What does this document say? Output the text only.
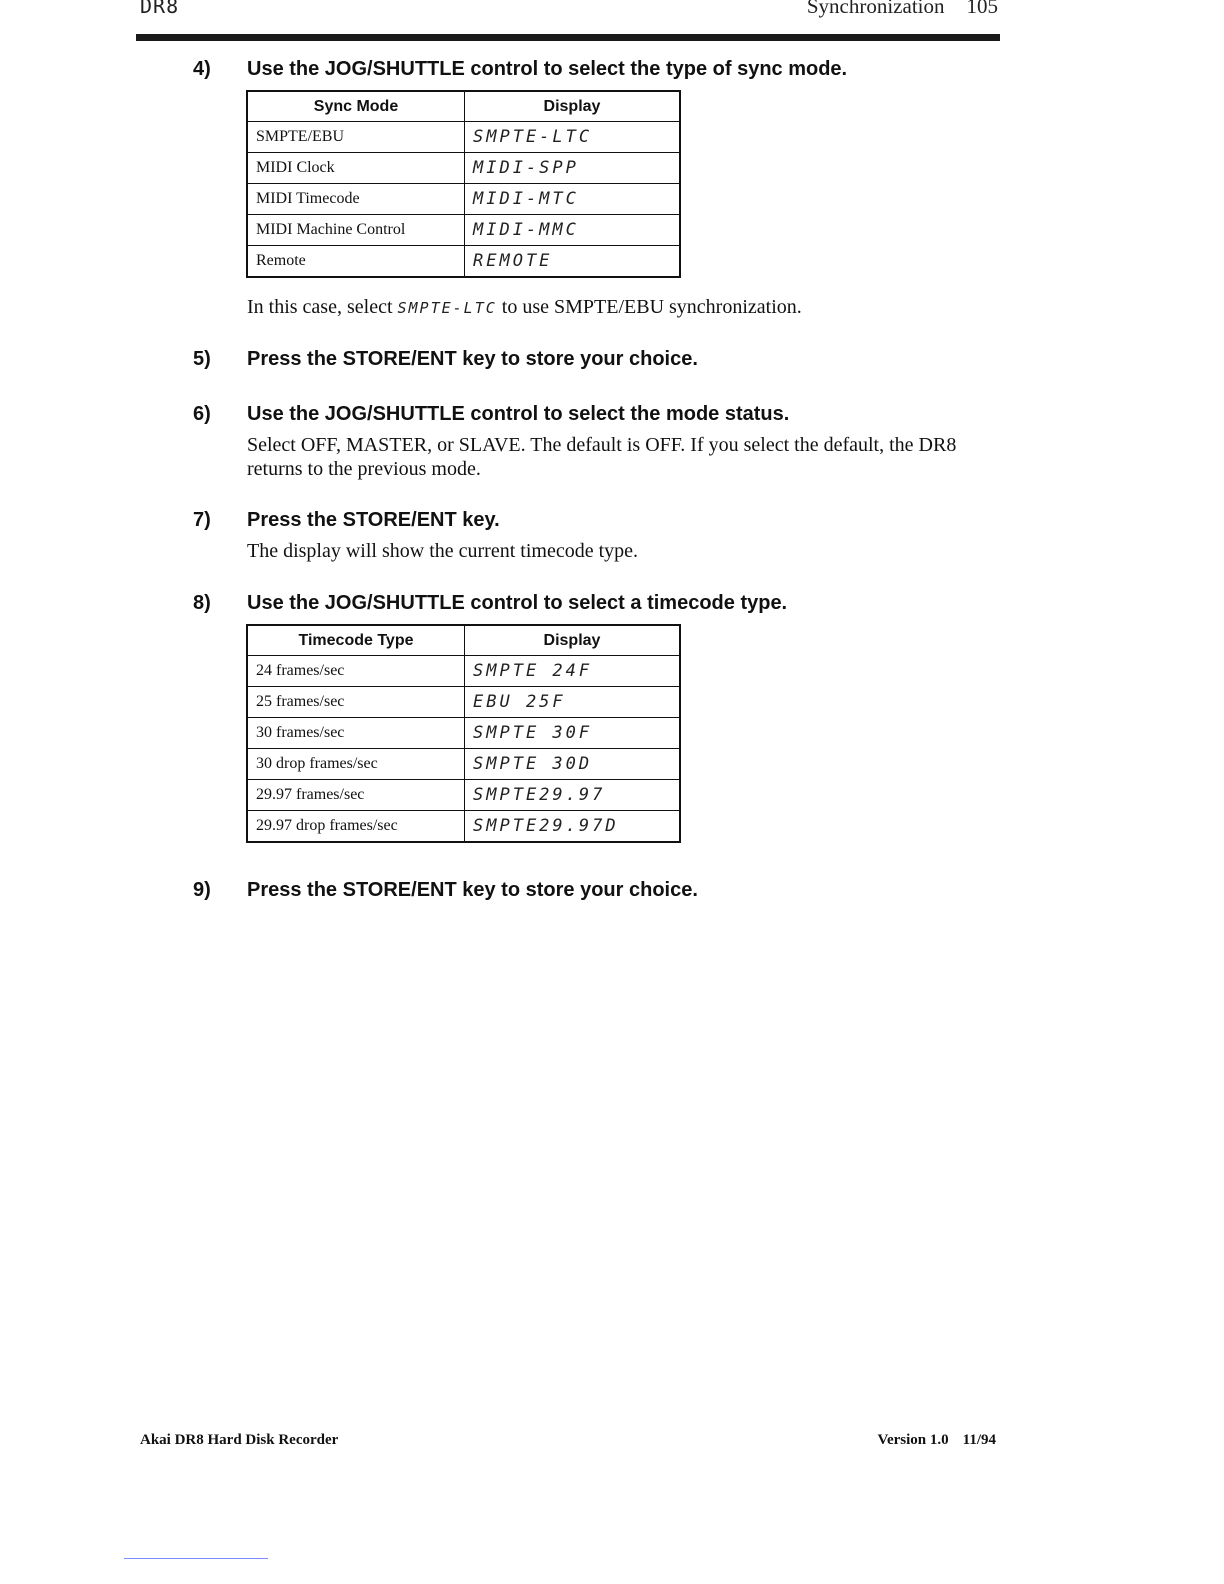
DR8	Synchronization 105
4) Use the JOG/SHUTTLE control to select the type of sync mode.
Sync Mode	Display
SMPTE/EBU	SMPTE-LTC
MIDI Clock	MIDI-SPP
MIDI Timecode	MIDI-MTC
MIDI Machine Control	MIDI-MMC
Remote	REMOTE
In this case, select SMPTE-LTC to use SMPTE/EBU synchronization.
5) Press the STORE/ENT key to store your choice.
6) Use the JOG/SHUTTLE control to select the mode status.
Select OFF, MASTER, or SLAVE. The default is OFF. If you select the default, the DR8 returns to the previous mode.
7) Press the STORE/ENT key.
The display will show the current timecode type.
8) Use the JOG/SHUTTLE control to select a timecode type.
Timecode Type	Display
24 frames/sec	SMPTE 24F
25 frames/sec	EBU 25F
30 frames/sec	SMPTE 30F
30 drop frames/sec	SMPTE 30D
29.97 frames/sec	SMPTE29.97
29.97 drop frames/sec	SMPTE29.97D
9) Press the STORE/ENT key to store your choice.
Akai DR8 Hard Disk Recorder	Version 1.0 11/94
